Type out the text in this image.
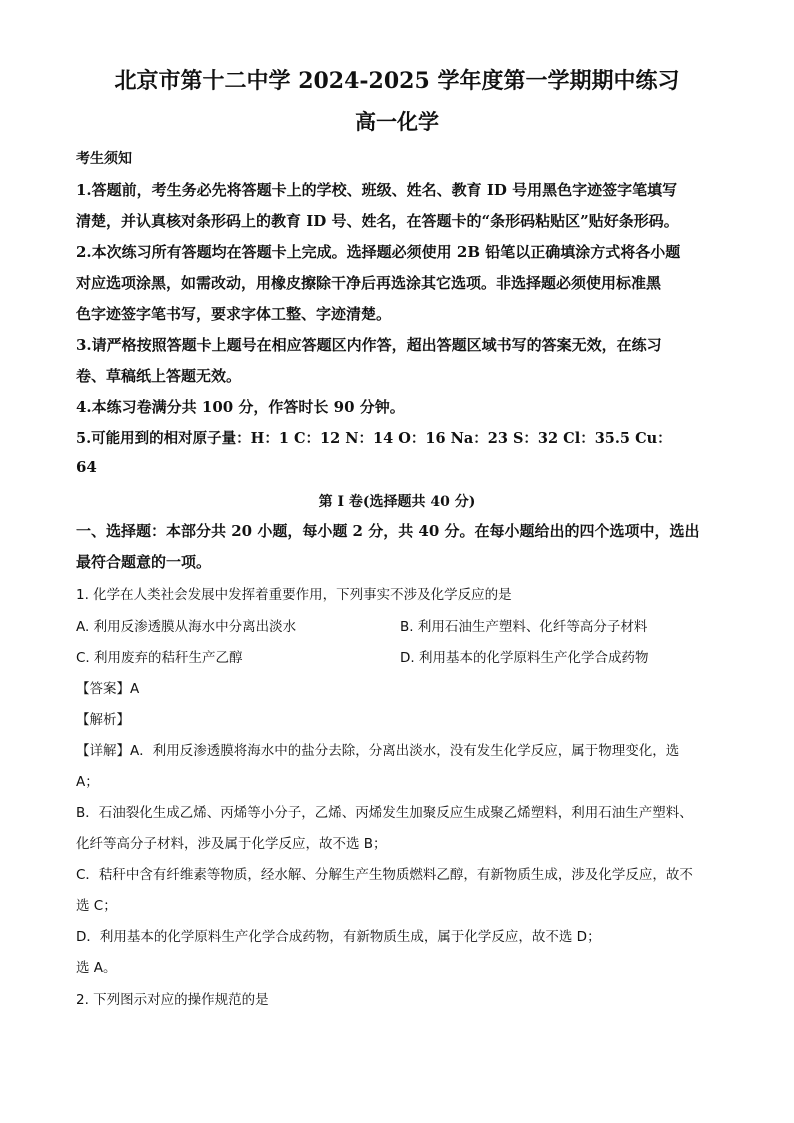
北京市第十二中学 2024-2025 学年度第一学期期中练习
高一化学
考生须知
1.答题前，考生务必先将答题卡上的学校、班级、姓名、教育 ID 号用黑色字迹签字笔填写
清楚，并认真核对条形码上的教育 ID 号、姓名，在答题卡的“条形码粘贴区”贴好条形码。
2.本次练习所有答题均在答题卡上完成。选择题必须使用 2B 铅笔以正确填涂方式将各小题
对应选项涂黑，如需改动，用橡皮擦除干净后再选涂其它选项。非选择题必须使用标准黑
色字迹签字笔书写，要求字体工整、字迹清楚。
3.请严格按照答题卡上题号在相应答题区内作答，超出答题区域书写的答案无效，在练习
卷、草稿纸上答题无效。
4.本练习卷满分共 100 分，作答时长 90 分钟。
5.可能用到的相对原子量：H：1 C：12 N：14 O：16 Na：23 S：32 Cl：35.5 Cu：
64
第 I 卷(选择题共 40 分)
一、选择题：本部分共 20 小题，每小题 2 分，共 40 分。在每小题给出的四个选项中，选出
最符合题意的一项。
1. 化学在人类社会发展中发挥着重要作用，下列事实不涉及化学反应的是
A. 利用反渗透膜从海水中分离出淡水	B. 利用石油生产塑料、化纤等高分子材料
C. 利用废弃的秸秆生产乙醇	D. 利用基本的化学原料生产化学合成药物
【答案】A
【解析】
【详解】A．利用反渗透膜将海水中的盐分去除，分离出淡水，没有发生化学反应，属于物理变化，选
A；
B．石油裂化生成乙烯、丙烯等小分子，乙烯、丙烯发生加聚反应生成聚乙烯塑料，利用石油生产塑料、
化纤等高分子材料，涉及属于化学反应，故不选 B；
C．秸秆中含有纤维素等物质，经水解、分解生产生物质燃料乙醇，有新物质生成，涉及化学反应，故不
选 C；
D．利用基本的化学原料生产化学合成药物，有新物质生成，属于化学反应，故不选 D；
选 A。
2. 下列图示对应的操作规范的是
